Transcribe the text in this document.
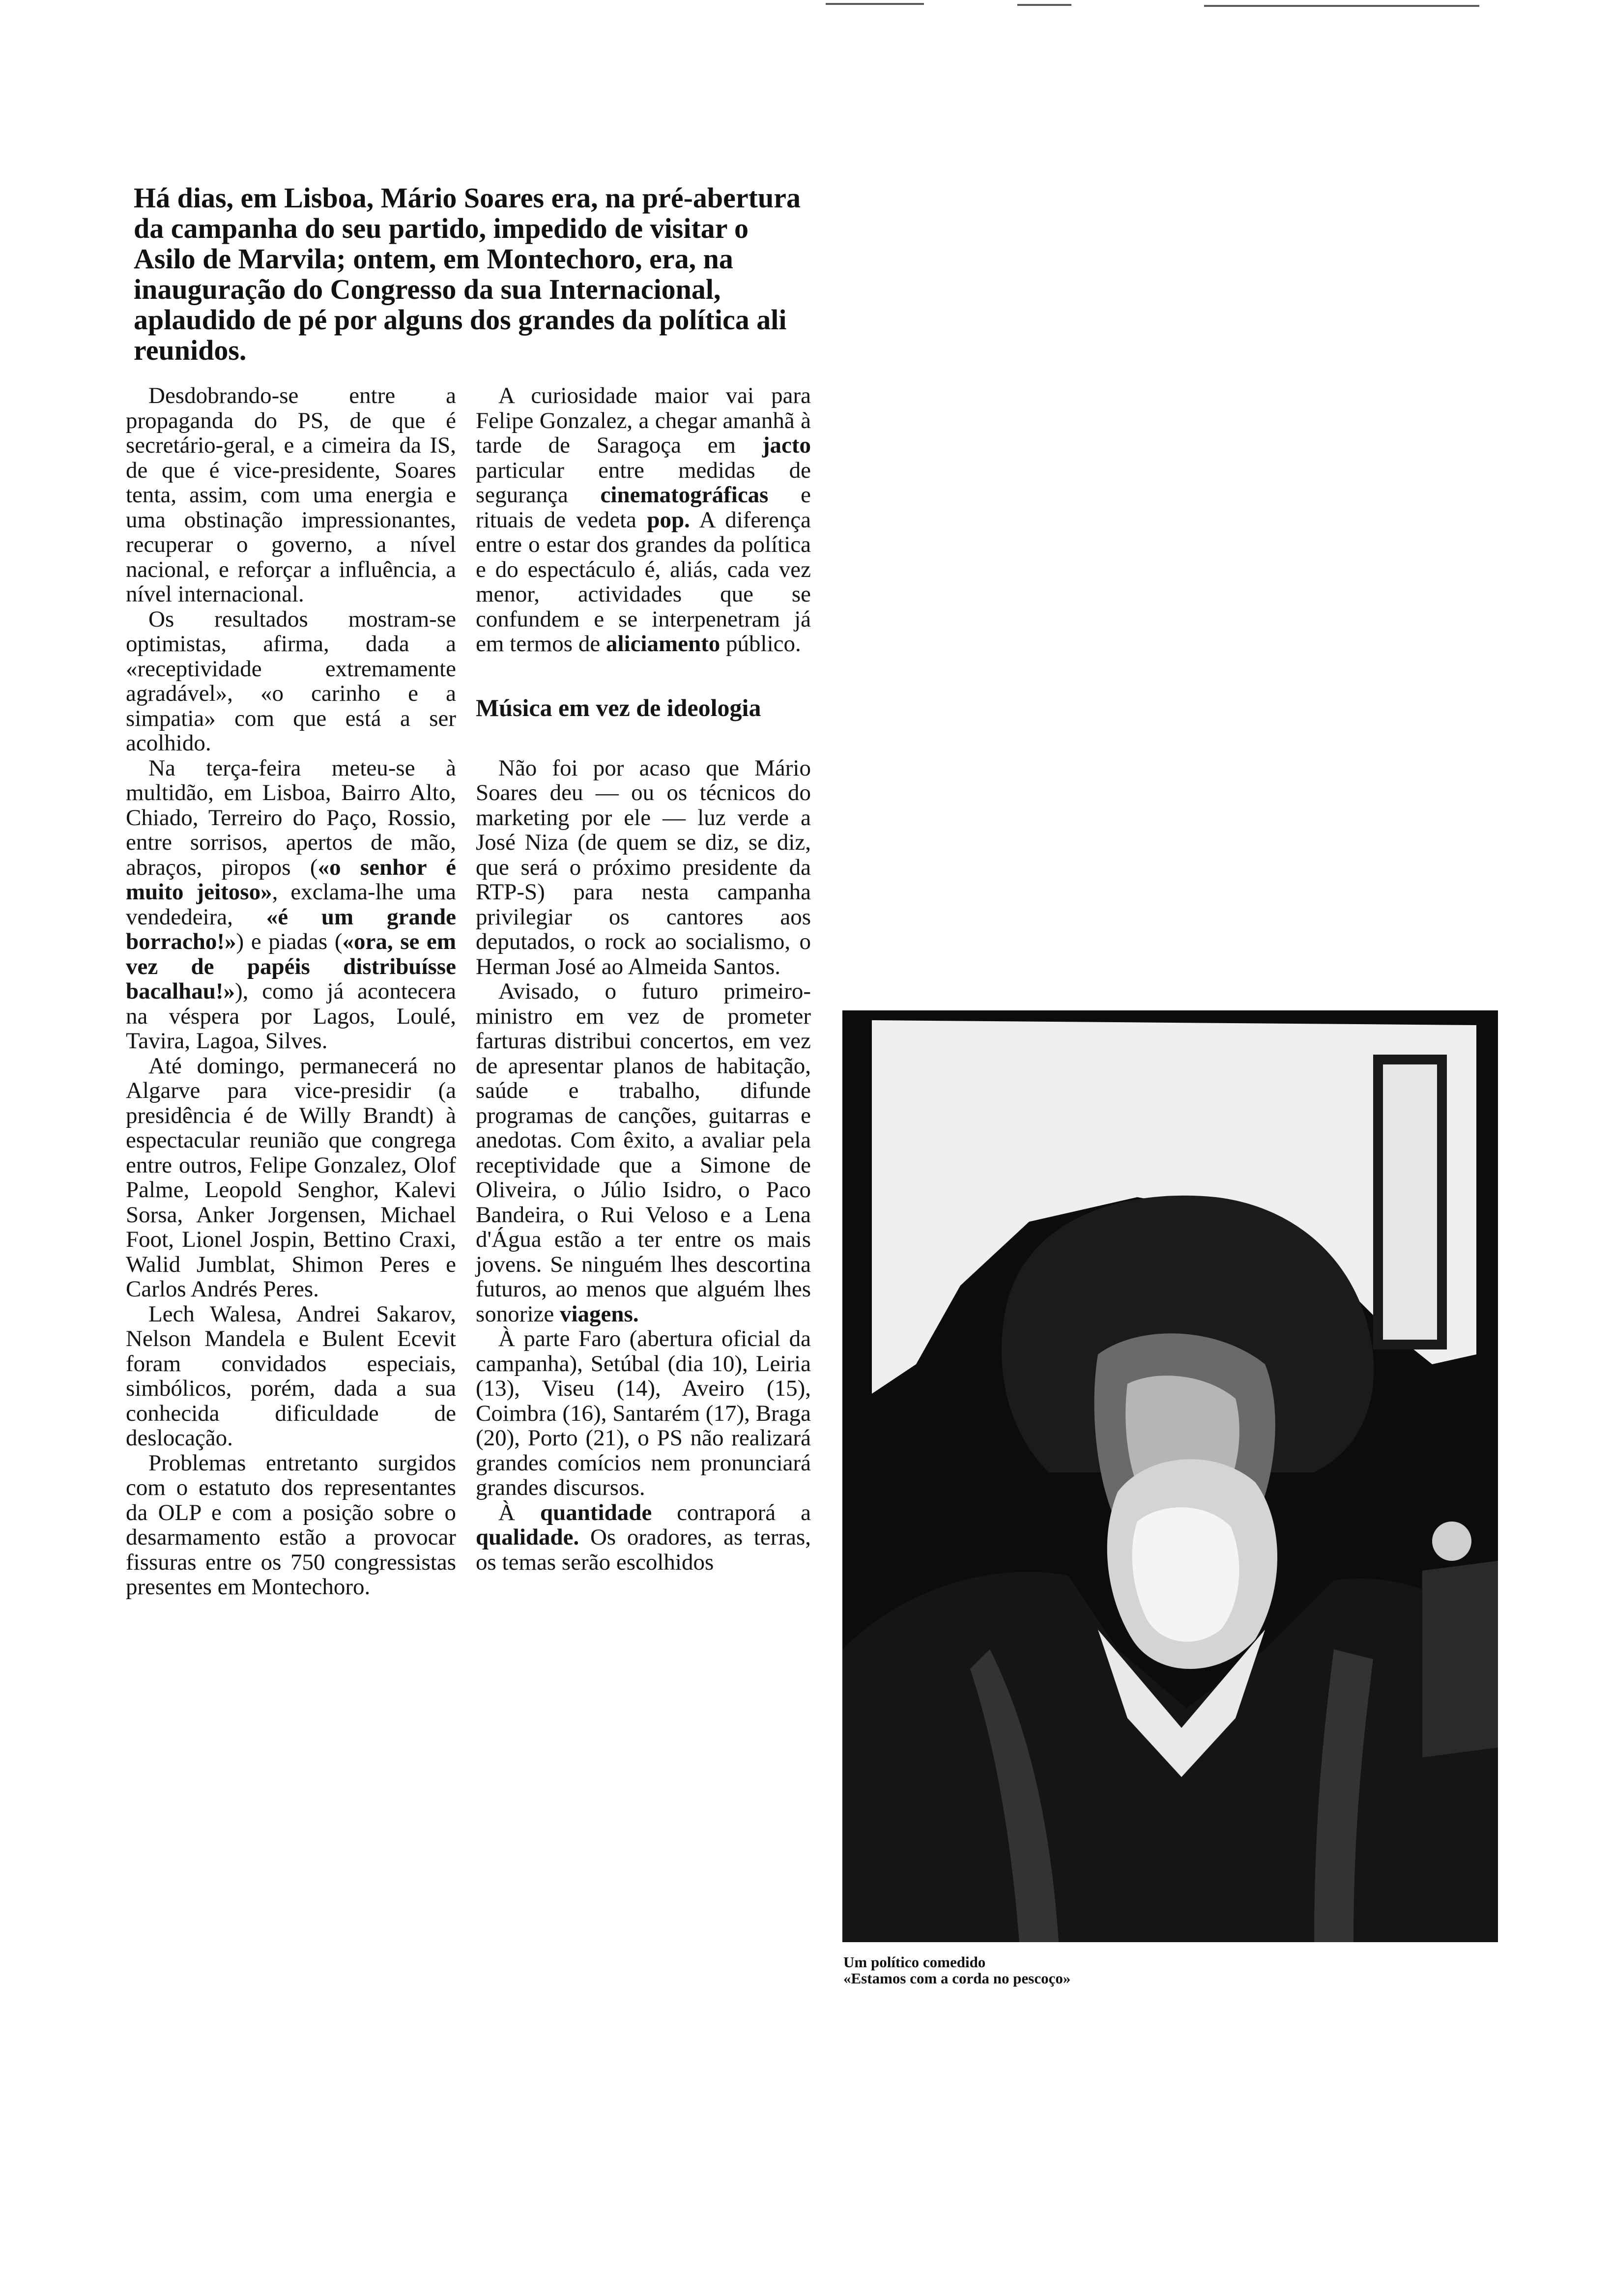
Há dias, em Lisboa, Mário Soares era, na pré-abertura da campanha do seu partido, impedido de visitar o Asilo de Marvila; ontem, em Montechoro, era, na inauguração do Congresso da sua Internacional, aplaudido de pé por alguns dos grandes da política ali reunidos.

Desdobrando-se entre a propaganda do PS, de que é secretário-geral, e a cimeira da IS, de que é vice-presidente, Soares tenta, assim, com uma energia e uma obstinação impressionantes, recuperar o governo, a nível nacional, e reforçar a influência, a nível internacional.

Os resultados mostram-se optimistas, afirma, dada a «receptividade extremamente agradável», «o carinho e a simpatia» com que está a ser acolhido.

Na terça-feira meteu-se à multidão, em Lisboa, Bairro Alto, Chiado, Terreiro do Paço, Rossio, entre sorrisos, apertos de mão, abraços, piropos («o senhor é muito jeitoso», exclama-lhe uma vendedeira, «é um grande borracho!») e piadas («ora, se em vez de papéis distribuísse bacalhau!»), como já acontecera na véspera por Lagos, Loulé, Tavira, Lagoa, Silves.

Até domingo, permanecerá no Algarve para vice-presidir (a presidência é de Willy Brandt) à espectacular reunião que congrega entre outros, Felipe Gonzalez, Olof Palme, Leopold Senghor, Kalevi Sorsa, Anker Jorgensen, Michael Foot, Lionel Jospin, Bettino Craxi, Walid Jumblat, Shimon Peres e Carlos Andrés Peres.

Lech Walesa, Andrei Sakarov, Nelson Mandela e Bulent Ecevit foram convidados especiais, simbólicos, porém, dada a sua conhecida dificuldade de deslocação.

Problemas entretanto surgidos com o estatuto dos representantes da OLP e com a posição sobre o desarmamento estão a provocar fissuras entre os 750 congressistas presentes em Montechoro.

A curiosidade maior vai para Felipe Gonzalez, a chegar amanhã à tarde de Saragoça em jacto particular entre medidas de segurança cinematográficas e rituais de vedeta pop. A diferença entre o estar dos grandes da política e do espectáculo é, aliás, cada vez menor, actividades que se confundem e se interpenetram já em termos de aliciamento público.

Música em vez de ideologia

Não foi por acaso que Mário Soares deu — ou os técnicos do marketing por ele — luz verde a José Niza (de quem se diz, se diz, que será o próximo presidente da RTP-S) para nesta campanha privilegiar os cantores aos deputados, o rock ao socialismo, o Herman José ao Almeida Santos.

Avisado, o futuro primeiro-ministro em vez de prometer farturas distribui concertos, em vez de apresentar planos de habitação, saúde e trabalho, difunde programas de canções, guitarras e anedotas. Com êxito, a avaliar pela receptividade que a Simone de Oliveira, o Júlio Isidro, o Paco Bandeira, o Rui Veloso e a Lena d'Água estão a ter entre os mais jovens. Se ninguém lhes descortina futuros, ao menos que alguém lhes sonorize viagens.

À parte Faro (abertura oficial da campanha), Setúbal (dia 10), Leiria (13), Viseu (14), Aveiro (15), Coimbra (16), Santarém (17), Braga (20), Porto (21), o PS não realizará grandes comícios nem pronunciará grandes discursos.

À quantidade contraporá a qualidade. Os oradores, as terras, os temas serão escolhidos

Um político comedido
«Estamos com a corda no pescoço»
